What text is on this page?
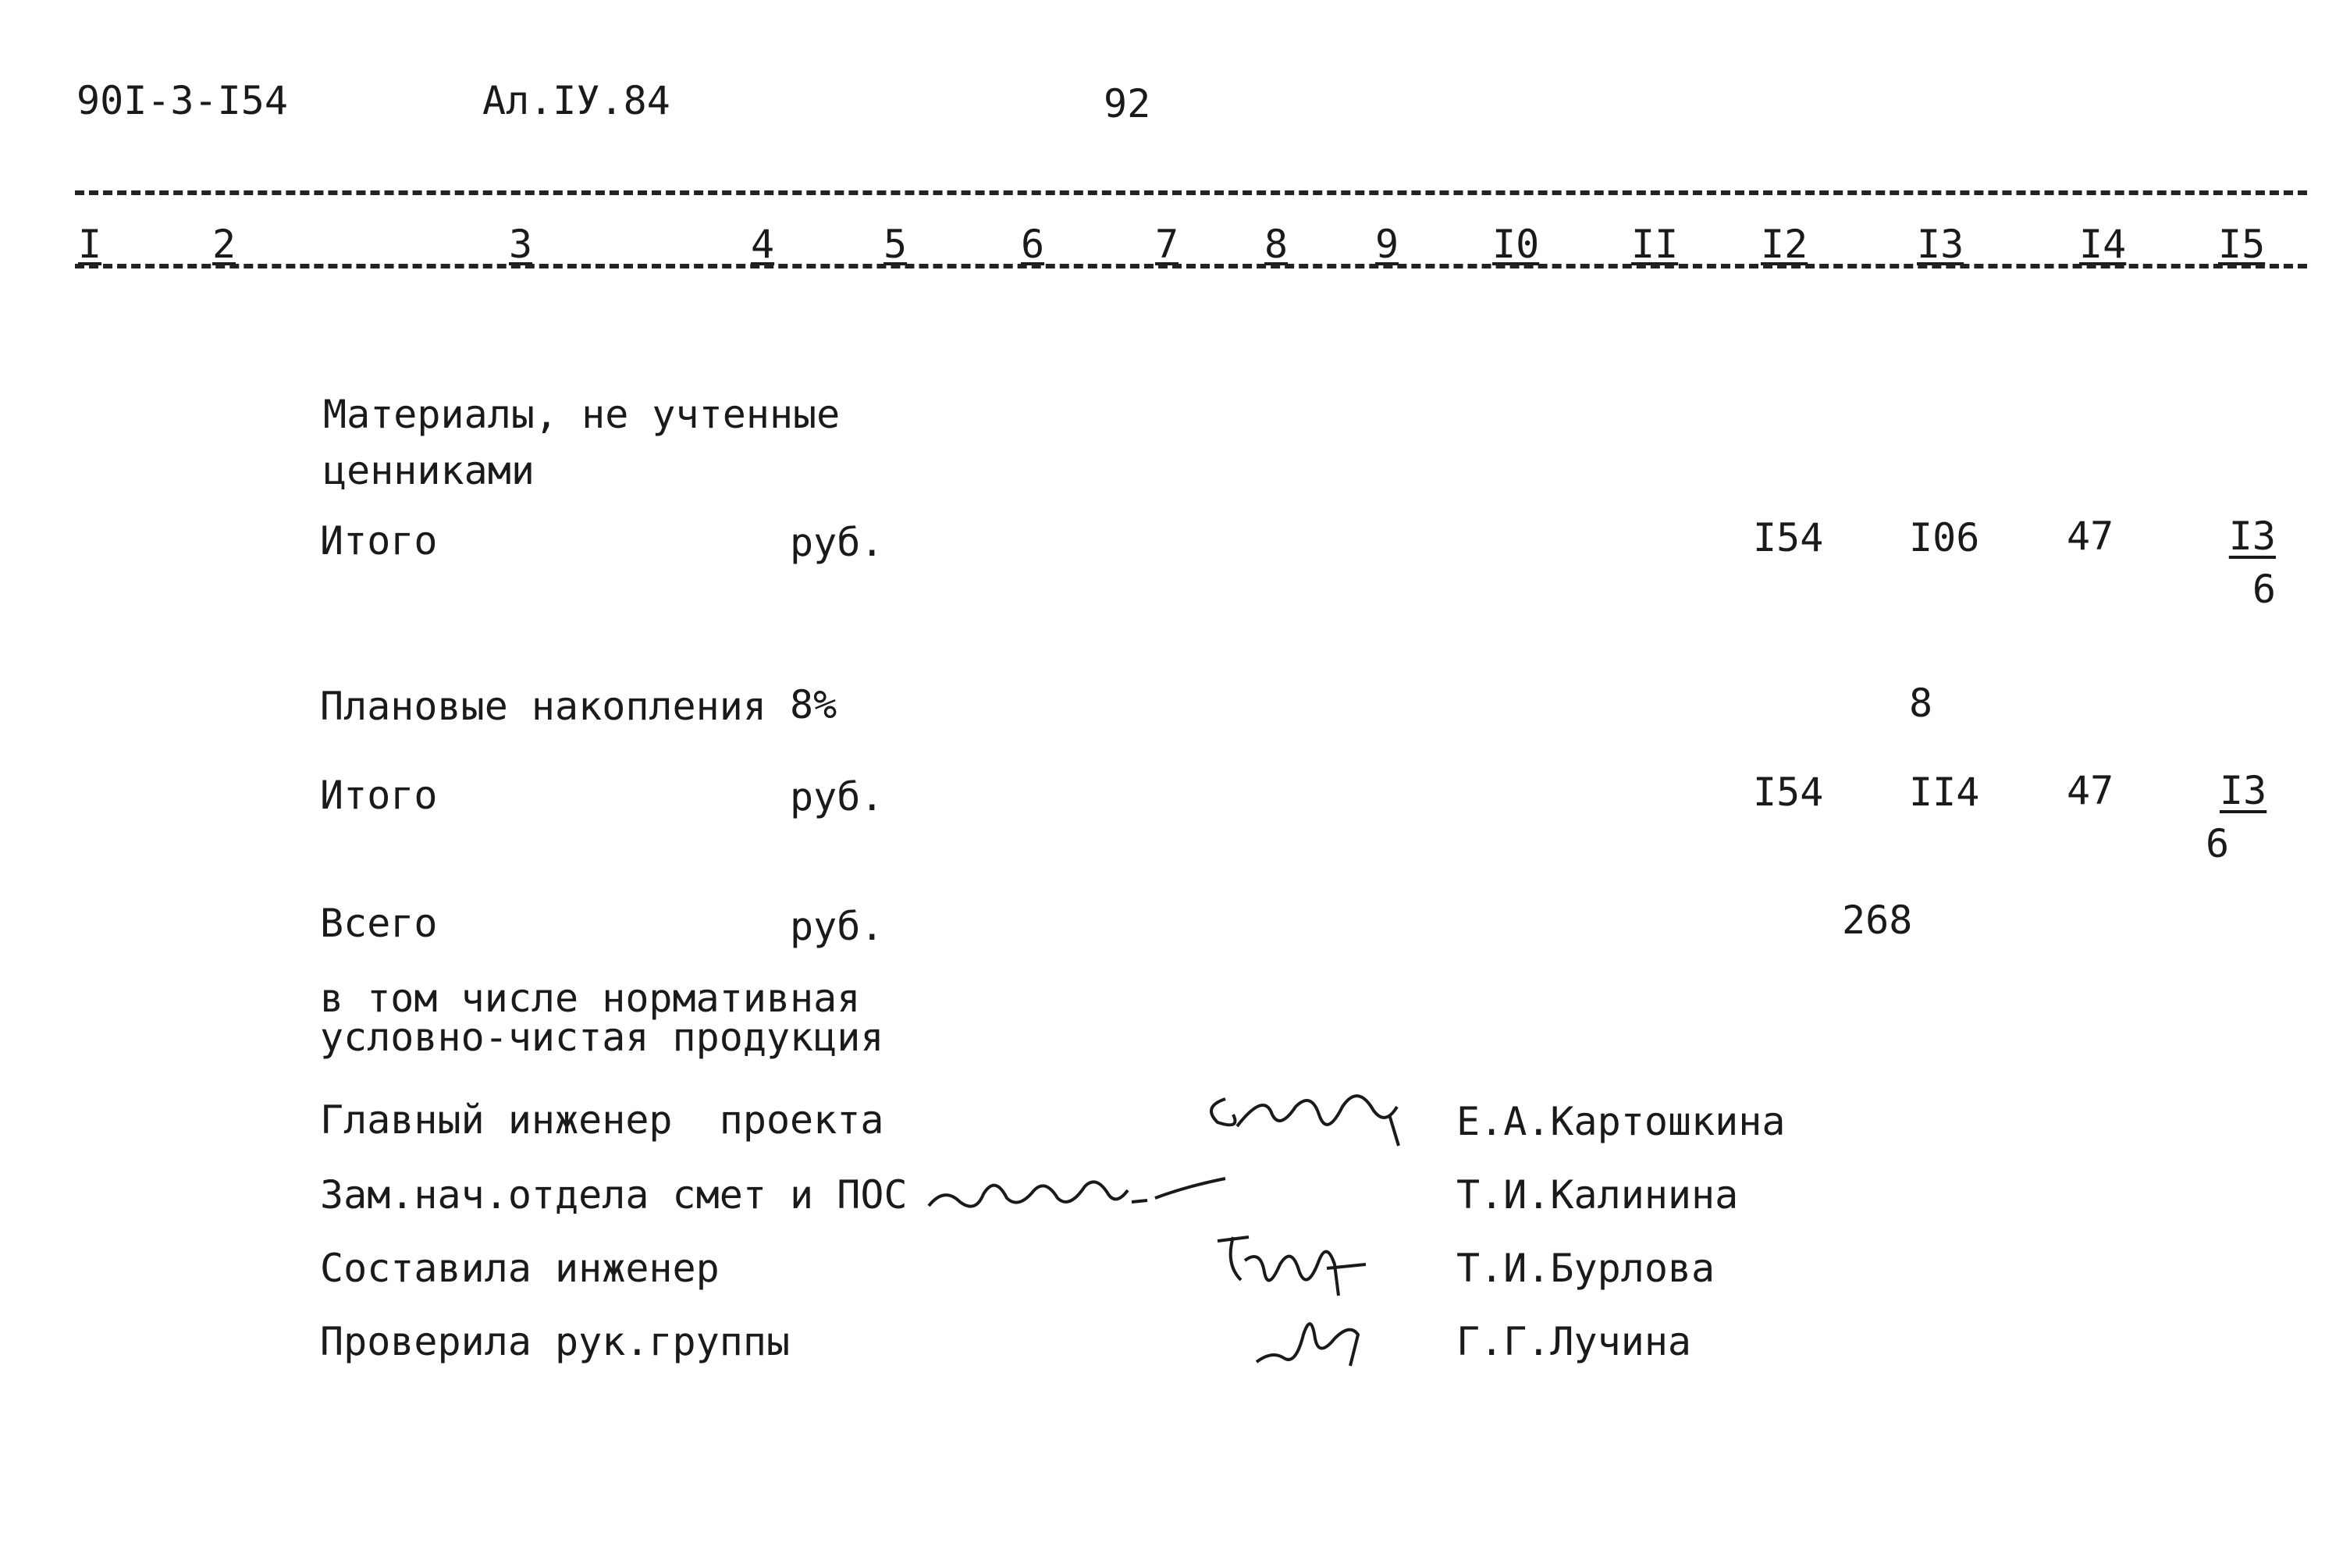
90I-3-I54	Ал.IУ.84	92
I	2	3	4	5	6	7 8 9 I0 II I2	I3	I4 I5
Материалы, не учтенные
ценниками
Итого	руб.	I54 I06 $47 \frac{I3}{6}$
Плановые накопления 8%	8
Итого	руб.	I54 II4 $47 \frac{I3}{6}$
Всего	руб.	268
в том числе нормативная
условно-чистая продукция
Главный инженер  проекта	Е.А.Картошкина
Зам.нач.отдела смет и ПОС	Т.И.Калинина
Составила инженер	Т.И.Бурлова
Проверила рук.группы	Г.Г.Лучина
